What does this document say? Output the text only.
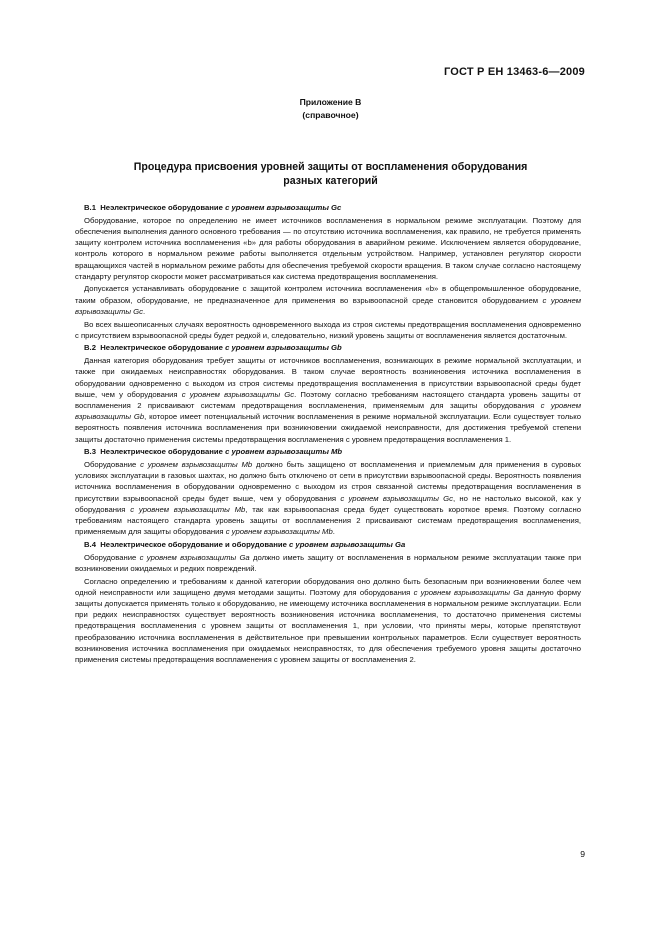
ГОСТ Р ЕН 13463-6—2009
Приложение В
(справочное)
Процедура присвоения уровней защиты от воспламенения оборудования
разных категорий
В.1 Неэлектрическое оборудование с уровнем взрывозащиты Gc

Оборудование, которое по определению не имеет источников воспламенения в нормальном режиме эксплуатации. Поэтому для обеспечения выполнения данного основного требования — по отсутствию источника воспламенения, как правило, не требуется применять защиту контролем источника воспламенения «b» для работы оборудования в аварийном режиме. Исключением является оборудование, контроль которого в нормальном режиме работы выполняется отдельным устройством. Например, установлен регулятор скорости вращающихся частей в нормальном режиме работы для обеспечения требуемой скорости вращения. В таком случае согласно настоящему стандарту регулятор скорости может рассматриваться как система предотвращения воспламенения.

Допускается устанавливать оборудование с защитой контролем источника воспламенения «b» в общепромышленное оборудование, таким образом, оборудование, не предназначенное для применения во взрывоопасной среде становится оборудованием с уровнем взрывозащиты Gc.

Во всех вышеописанных случаях вероятность одновременного выхода из строя системы предотвращения воспламенения одновременно с присутствием взрывоопасной среды будет редкой и, следовательно, низкий уровень защиты от воспламенения является достаточным.

В.2 Неэлектрическое оборудование с уровнем взрывозащиты Gb

Данная категория оборудования требует защиты от источников воспламенения, возникающих в режиме нормальной эксплуатации, и также при ожидаемых неисправностях оборудования. В таком случае вероятность возникновения источника воспламенения в оборудовании одновременно с выходом из строя системы предотвращения воспламенения в присутствии взрывоопасной среды будет выше, чем у оборудования с уровнем взрывозащиты Gc. Поэтому согласно требованиям настоящего стандарта уровень защиты от воспламенения 2 присваивают системам предотвращения воспламенения, применяемым для защиты оборудования с уровнем взрывозащиты Gb, которое имеет потенциальный источник воспламенения в режиме нормальной эксплуатации. Если существует только вероятность появления источника воспламенения при возникновении ожидаемой неисправности, для достижения требуемой степени защиты достаточно применения системы предотвращения воспламенения с уровнем предотвращения воспламенения 1.

В.3 Неэлектрическое оборудование с уровнем взрывозащиты Mb

Оборудование с уровнем взрывозащиты Mb должно быть защищено от воспламенения и приемлемым для применения в суровых условиях эксплуатации в газовых шахтах, но должно быть отключено от сети в присутствии взрывоопасной среды. Вероятность появления источника воспламенения в оборудовании одновременно с выходом из строя связанной системы предотвращения воспламенения в присутствии взрывоопасной среды будет выше, чем у оборудования с уровнем взрывозащиты Gc, но не настолько высокой, как у оборудования с уровнем взрывозащиты Mb, так как взрывоопасная среда будет существовать короткое время. Поэтому согласно требованиям настоящего стандарта уровень защиты от воспламенения 2 присваивают системам предотвращения воспламенения, применяемым для защиты оборудования с уровнем взрывозащиты Mb.

В.4 Неэлектрическое оборудование и оборудование с уровнем взрывозащиты Ga

Оборудование с уровнем взрывозащиты Ga должно иметь защиту от воспламенения в нормальном режиме эксплуатации также при возникновении ожидаемых и редких повреждений.

Согласно определению и требованиям к данной категории оборудования оно должно быть безопасным при возникновении более чем одной неисправности или защищено двумя методами защиты. Поэтому для оборудования с уровнем взрывозащиты Ga данную форму защиты допускается применять только к оборудованию, не имеющему источника воспламенения в нормальном режиме эксплуатации. Если при редких неисправностях существует вероятность возникновения источника воспламенения, то достаточно применения системы предотвращения воспламенения с уровнем защиты от воспламенения 1, при условии, что приняты меры, которые препятствуют преобразованию источника воспламенения в действительное при превышении контрольных параметров. Если существует вероятность возникновения источника воспламенения при ожидаемых неисправностях, то для обеспечения требуемого уровня защиты достаточно применения системы предотвращения воспламенения с уровнем защиты от воспламенения 2.

9
